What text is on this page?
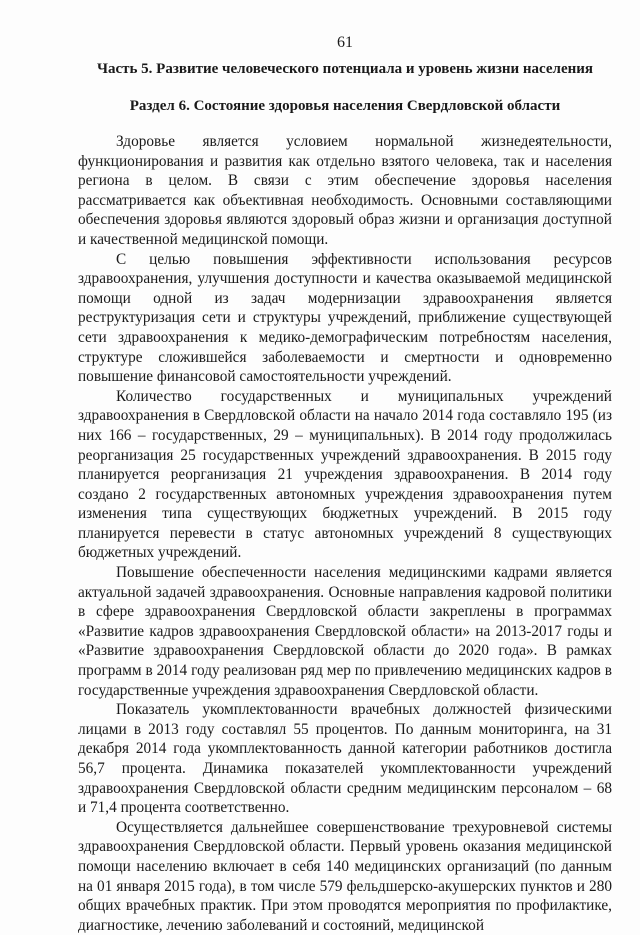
61
Часть 5. Развитие человеческого потенциала и уровень жизни населения
Раздел 6. Состояние здоровья населения Свердловской области

Здоровье является условием нормальной жизнедеятельности, функционирования и развития как отдельно взятого человека, так и населения региона в целом. В связи с этим обеспечение здоровья населения рассматривается как объективная необходимость. Основными составляющими обеспечения здоровья являются здоровый образ жизни и организация доступной и качественной медицинской помощи.

С целью повышения эффективности использования ресурсов здравоохранения, улучшения доступности и качества оказываемой медицинской помощи одной из задач модернизации здравоохранения является реструктуризация сети и структуры учреждений, приближение существующей сети здравоохранения к медико-демографическим потребностям населения, структуре сложившейся заболеваемости и смертности и одновременно повышение финансовой самостоятельности учреждений.

Количество государственных и муниципальных учреждений здравоохранения в Свердловской области на начало 2014 года составляло 195 (из них 166 – государственных, 29 – муниципальных). В 2014 году продолжилась реорганизация 25 государственных учреждений здравоохранения. В 2015 году планируется реорганизация 21 учреждения здравоохранения. В 2014 году создано 2 государственных автономных учреждения здравоохранения путем изменения типа существующих бюджетных учреждений. В 2015 году планируется перевести в статус автономных учреждений 8 существующих бюджетных учреждений.

Повышение обеспеченности населения медицинскими кадрами является актуальной задачей здравоохранения. Основные направления кадровой политики в сфере здравоохранения Свердловской области закреплены в программах «Развитие кадров здравоохранения Свердловской области» на 2013-2017 годы и «Развитие здравоохранения Свердловской области до 2020 года». В рамках программ в 2014 году реализован ряд мер по привлечению медицинских кадров в государственные учреждения здравоохранения Свердловской области.

Показатель укомплектованности врачебных должностей физическими лицами в 2013 году составлял 55 процентов. По данным мониторинга, на 31 декабря 2014 года укомплектованность данной категории работников достигла 56,7 процента. Динамика показателей укомплектованности учреждений здравоохранения Свердловской области средним медицинским персоналом – 68 и 71,4 процента соответственно.

Осуществляется дальнейшее совершенствование трехуровневой системы здравоохранения Свердловской области. Первый уровень оказания медицинской помощи населению включает в себя 140 медицинских организаций (по данным на 01 января 2015 года), в том числе 579 фельдшерско-акушерских пунктов и 280 общих врачебных практик. При этом проводятся мероприятия по профилактике, диагностике, лечению заболеваний и состояний, медицинской
